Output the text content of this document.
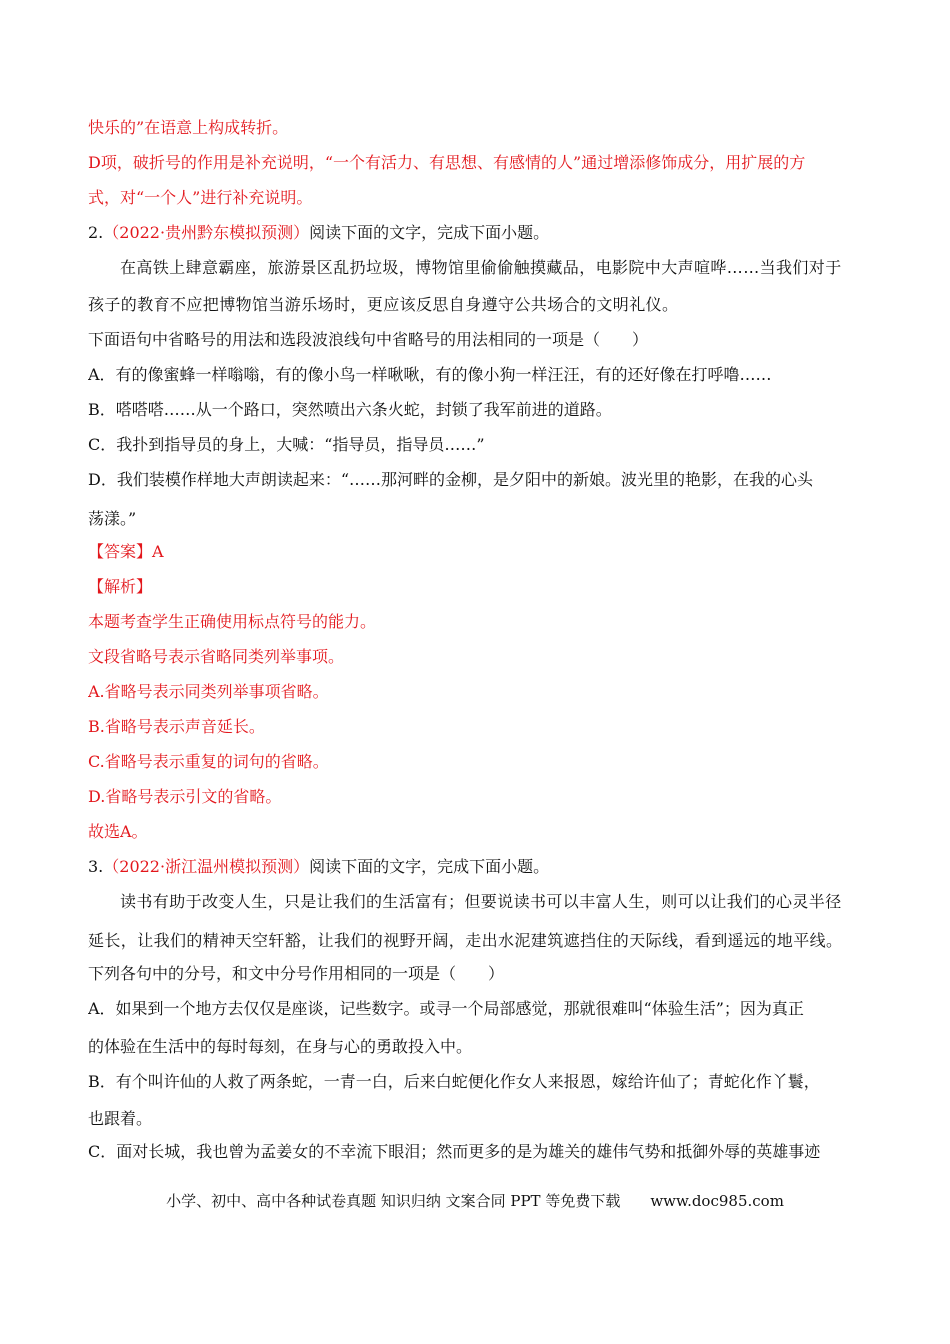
快乐的”在语意上构成转折。
D项，破折号的作用是补充说明，“一个有活力、有思想、有感情的人”通过增添修饰成分，用扩展的方
式，对“一个人”进行补充说明。
2.（2022·贵州黔东模拟预测）阅读下面的文字，完成下面小题。
在高铁上肆意霸座，旅游景区乱扔垃圾，博物馆里偷偷触摸藏品，电影院中大声喧哗……当我们对于
孩子的教育不应把博物馆当游乐场时，更应该反思自身遵守公共场合的文明礼仪。
下面语句中省略号的用法和选段波浪线句中省略号的用法相同的一项是（　　）
A．有的像蜜蜂一样嗡嗡，有的像小鸟一样啾啾，有的像小狗一样汪汪，有的还好像在打呼噜……
B．嗒嗒嗒……从一个路口，突然喷出六条火蛇，封锁了我军前进的道路。
C．我扑到指导员的身上，大喊：“指导员，指导员……”
D．我们装模作样地大声朗读起来：“……那河畔的金柳，是夕阳中的新娘。波光里的艳影，在我的心头
荡漾。”
【答案】A
【解析】
本题考查学生正确使用标点符号的能力。
文段省略号表示省略同类列举事项。
A.省略号表示同类列举事项省略。
B.省略号表示声音延长。
C.省略号表示重复的词句的省略。
D.省略号表示引文的省略。
故选A。
3.（2022·浙江温州模拟预测）阅读下面的文字，完成下面小题。
读书有助于改变人生，只是让我们的生活富有；但要说读书可以丰富人生，则可以让我们的心灵半径
延长，让我们的精神天空轩豁，让我们的视野开阔，走出水泥建筑遮挡住的天际线，看到遥远的地平线。
下列各句中的分号，和文中分号作用相同的一项是（　　）
A．如果到一个地方去仅仅是座谈，记些数字。或寻一个局部感觉，那就很难叫“体验生活”；因为真正
的体验在生活中的每时每刻，在身与心的勇敢投入中。
B．有个叫许仙的人救了两条蛇，一青一白，后来白蛇便化作女人来报恩，嫁给许仙了；青蛇化作丫鬟，
也跟着。
C．面对长城，我也曾为孟姜女的不幸流下眼泪；然而更多的是为雄关的雄伟气势和抵御外辱的英雄事迹
小学、初中、高中各种试卷真题 知识归纳 文案合同 PPT 等免费下载 www.doc985.com
